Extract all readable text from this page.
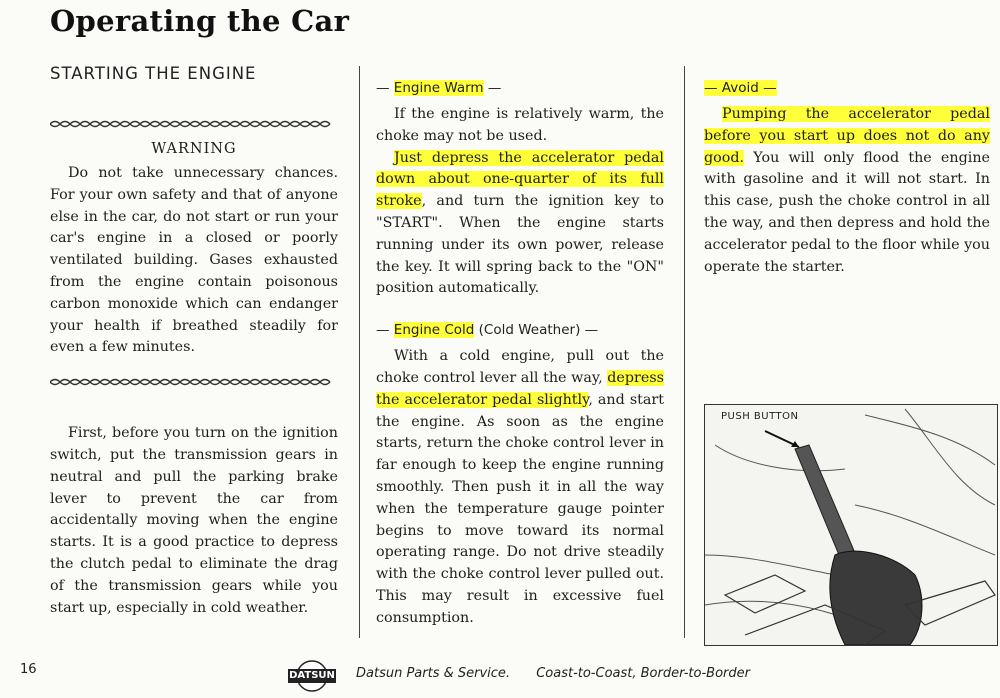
Operating the Car
STARTING THE ENGINE
WARNING

Do not take unnecessary chances. For your own safety and that of anyone else in the car, do not start or run your car's engine in a closed or poorly ventilated building. Gases exhausted from the engine contain poisonous carbon monoxide which can endanger your health if breathed steadily for even a few minutes.

First, before you turn on the ignition switch, put the transmission gears in neutral and pull the parking brake lever to prevent the car from accidentally moving when the engine starts. It is a good practice to depress the clutch pedal to eliminate the drag of the transmission gears while you start up, especially in cold weather.

— Engine Warm —

If the engine is relatively warm, the choke may not be used.

Just depress the accelerator pedal down about one-quarter of its full stroke, and turn the ignition key to "START". When the engine starts running under its own power, release the key. It will spring back to the "ON" position automatically.

— Engine Cold (Cold Weather) —

With a cold engine, pull out the choke control lever all the way, depress the accelerator pedal slightly, and start the engine. As soon as the engine starts, return the choke control lever in far enough to keep the engine running smoothly. Then push it in all the way when the temperature gauge pointer begins to move toward its normal operating range. Do not drive steadily with the choke control lever pulled out. This may result in excessive fuel consumption.

— Avoid —

Pumping the accelerator pedal before you start up does not do any good. You will only flood the engine with gasoline and it will not start. In this case, push the choke control in all the way, and then depress and hold the accelerator pedal to the floor while you operate the starter.

PUSH BUTTON
16	DATSUN Datsun Parts & Service. Coast-to-Coast, Border-to-Border
